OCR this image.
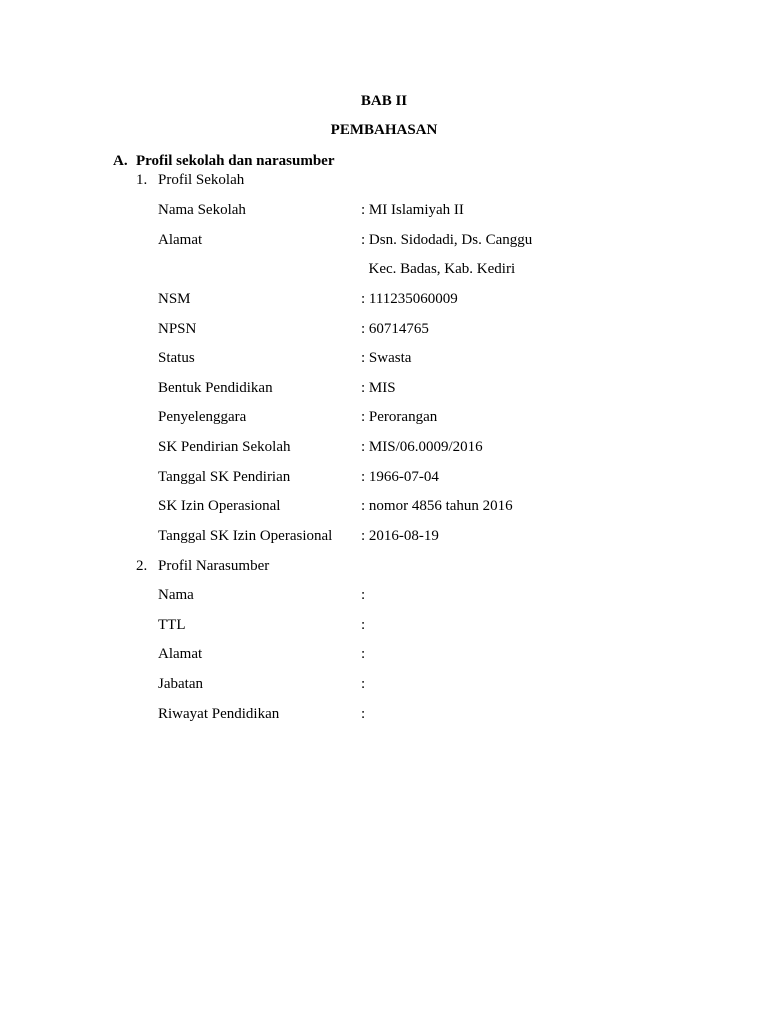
BAB II
PEMBAHASAN
A. Profil sekolah dan narasumber
1. Profil Sekolah
Nama Sekolah	: MI Islamiyah II
Alamat	: Dsn. Sidodadi, Ds. Canggu
Kec. Badas, Kab. Kediri
NSM	: 111235060009
NPSN	: 60714765
Status	: Swasta
Bentuk Pendidikan	: MIS
Penyelenggara	: Perorangan
SK Pendirian Sekolah	: MIS/06.0009/2016
Tanggal SK Pendirian	: 1966-07-04
SK Izin Operasional	: nomor 4856 tahun 2016
Tanggal SK Izin Operasional : 2016-08-19
2. Profil Narasumber
Nama	:
TTL	:
Alamat	:
Jabatan	:
Riwayat Pendidikan	:
